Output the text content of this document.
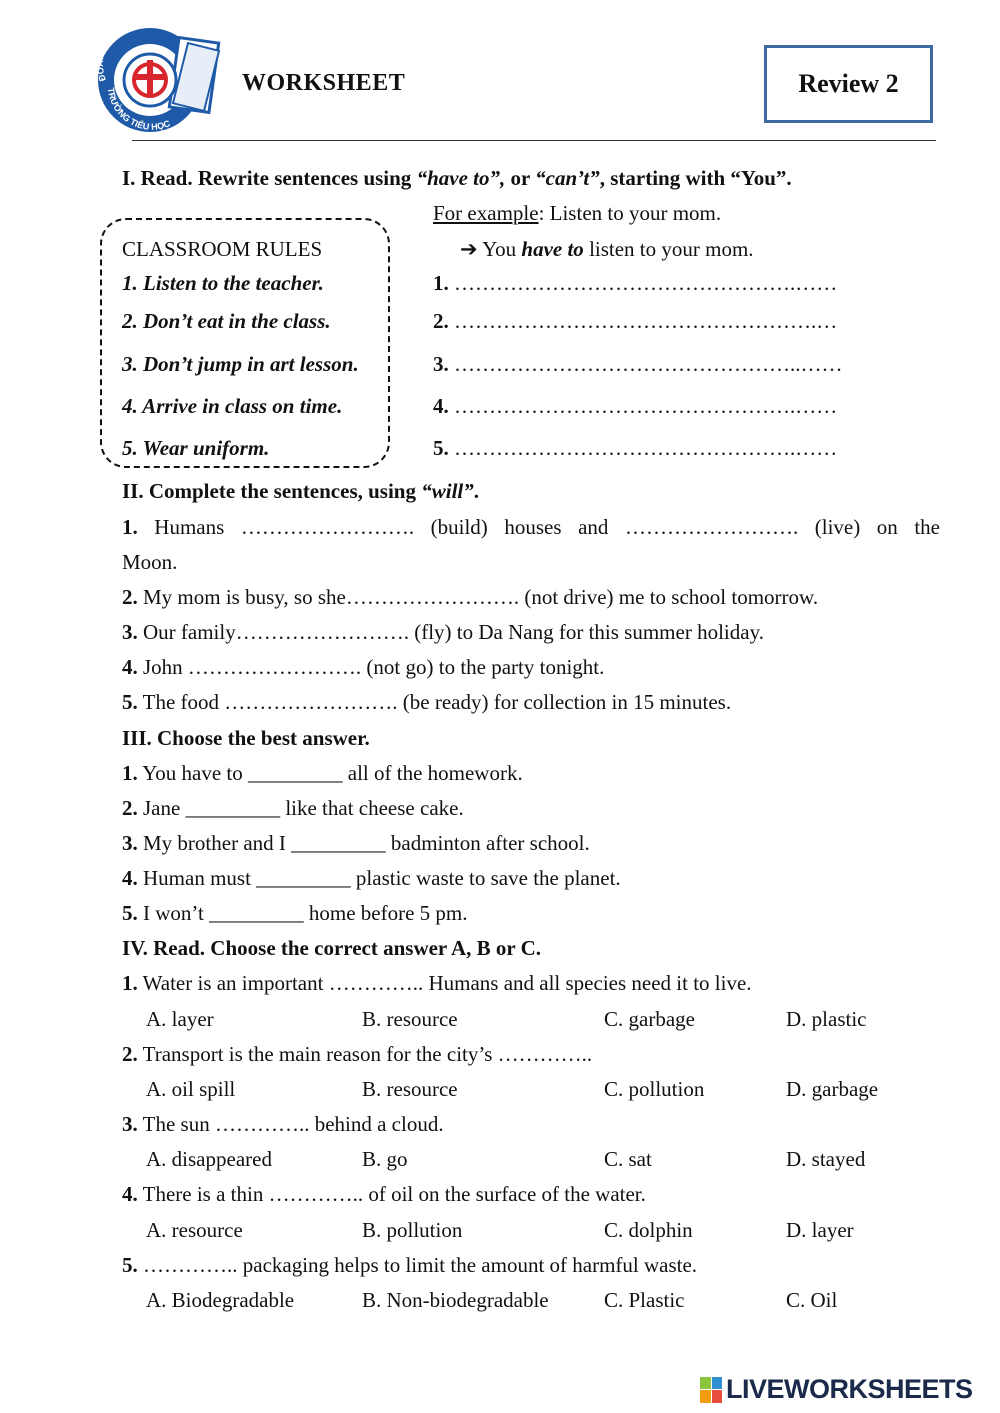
ĐOÀN THỊ ĐIỂM
TRƯỜNG TIỂU HỌC
WORKSHEET	Review 2
I. Read. Rewrite sentences using “have to”, or “can’t”, starting with “You”.
For example: Listen to your mom.
➔ You have to listen to your mom.
CLASSROOM RULES
1. Listen to the teacher.
2. Don’t eat in the class.
3. Don’t jump in art lesson.
4. Arrive in class on time.
5. Wear uniform.
1. ………………………………………….……
2. …………………………………………….…
3. …………………………………………..……
4. ………………………………………….……
5. ………………………………………….……
II. Complete the sentences, using “will”.
1. Humans ……………………. (build) houses and ……………………. (live) on the
Moon.
2. My mom is busy, so she……………………. (not drive) me to school tomorrow.
3. Our family……………………. (fly) to Da Nang for this summer holiday.
4. John ……………………. (not go) to the party tonight.
5. The food ……………………. (be ready) for collection in 15 minutes.
III. Choose the best answer.
1. You have to _________ all of the homework.
2. Jane _________ like that cheese cake.
3. My brother and I _________ badminton after school.
4. Human must _________ plastic waste to save the planet.
5. I won’t _________ home before 5 pm.
IV. Read. Choose the correct answer A, B or C.
1. Water is an important ………….. Humans and all species need it to live.
A. layer	B. resource	C. garbage	D. plastic
2. Transport is the main reason for the city’s …………..
A. oil spill	B. resource	C. pollution	D. garbage
3. The sun ………….. behind a cloud.
A. disappeared	B. go	C. sat	D. stayed
4. There is a thin ………….. of oil on the surface of the water.
A. resource	B. pollution	C. dolphin	D. layer
5. ………….. packaging helps to limit the amount of harmful waste.
A. Biodegradable	B. Non-biodegradable	C. Plastic	C. Oil
LIVEWORKSHEETS
